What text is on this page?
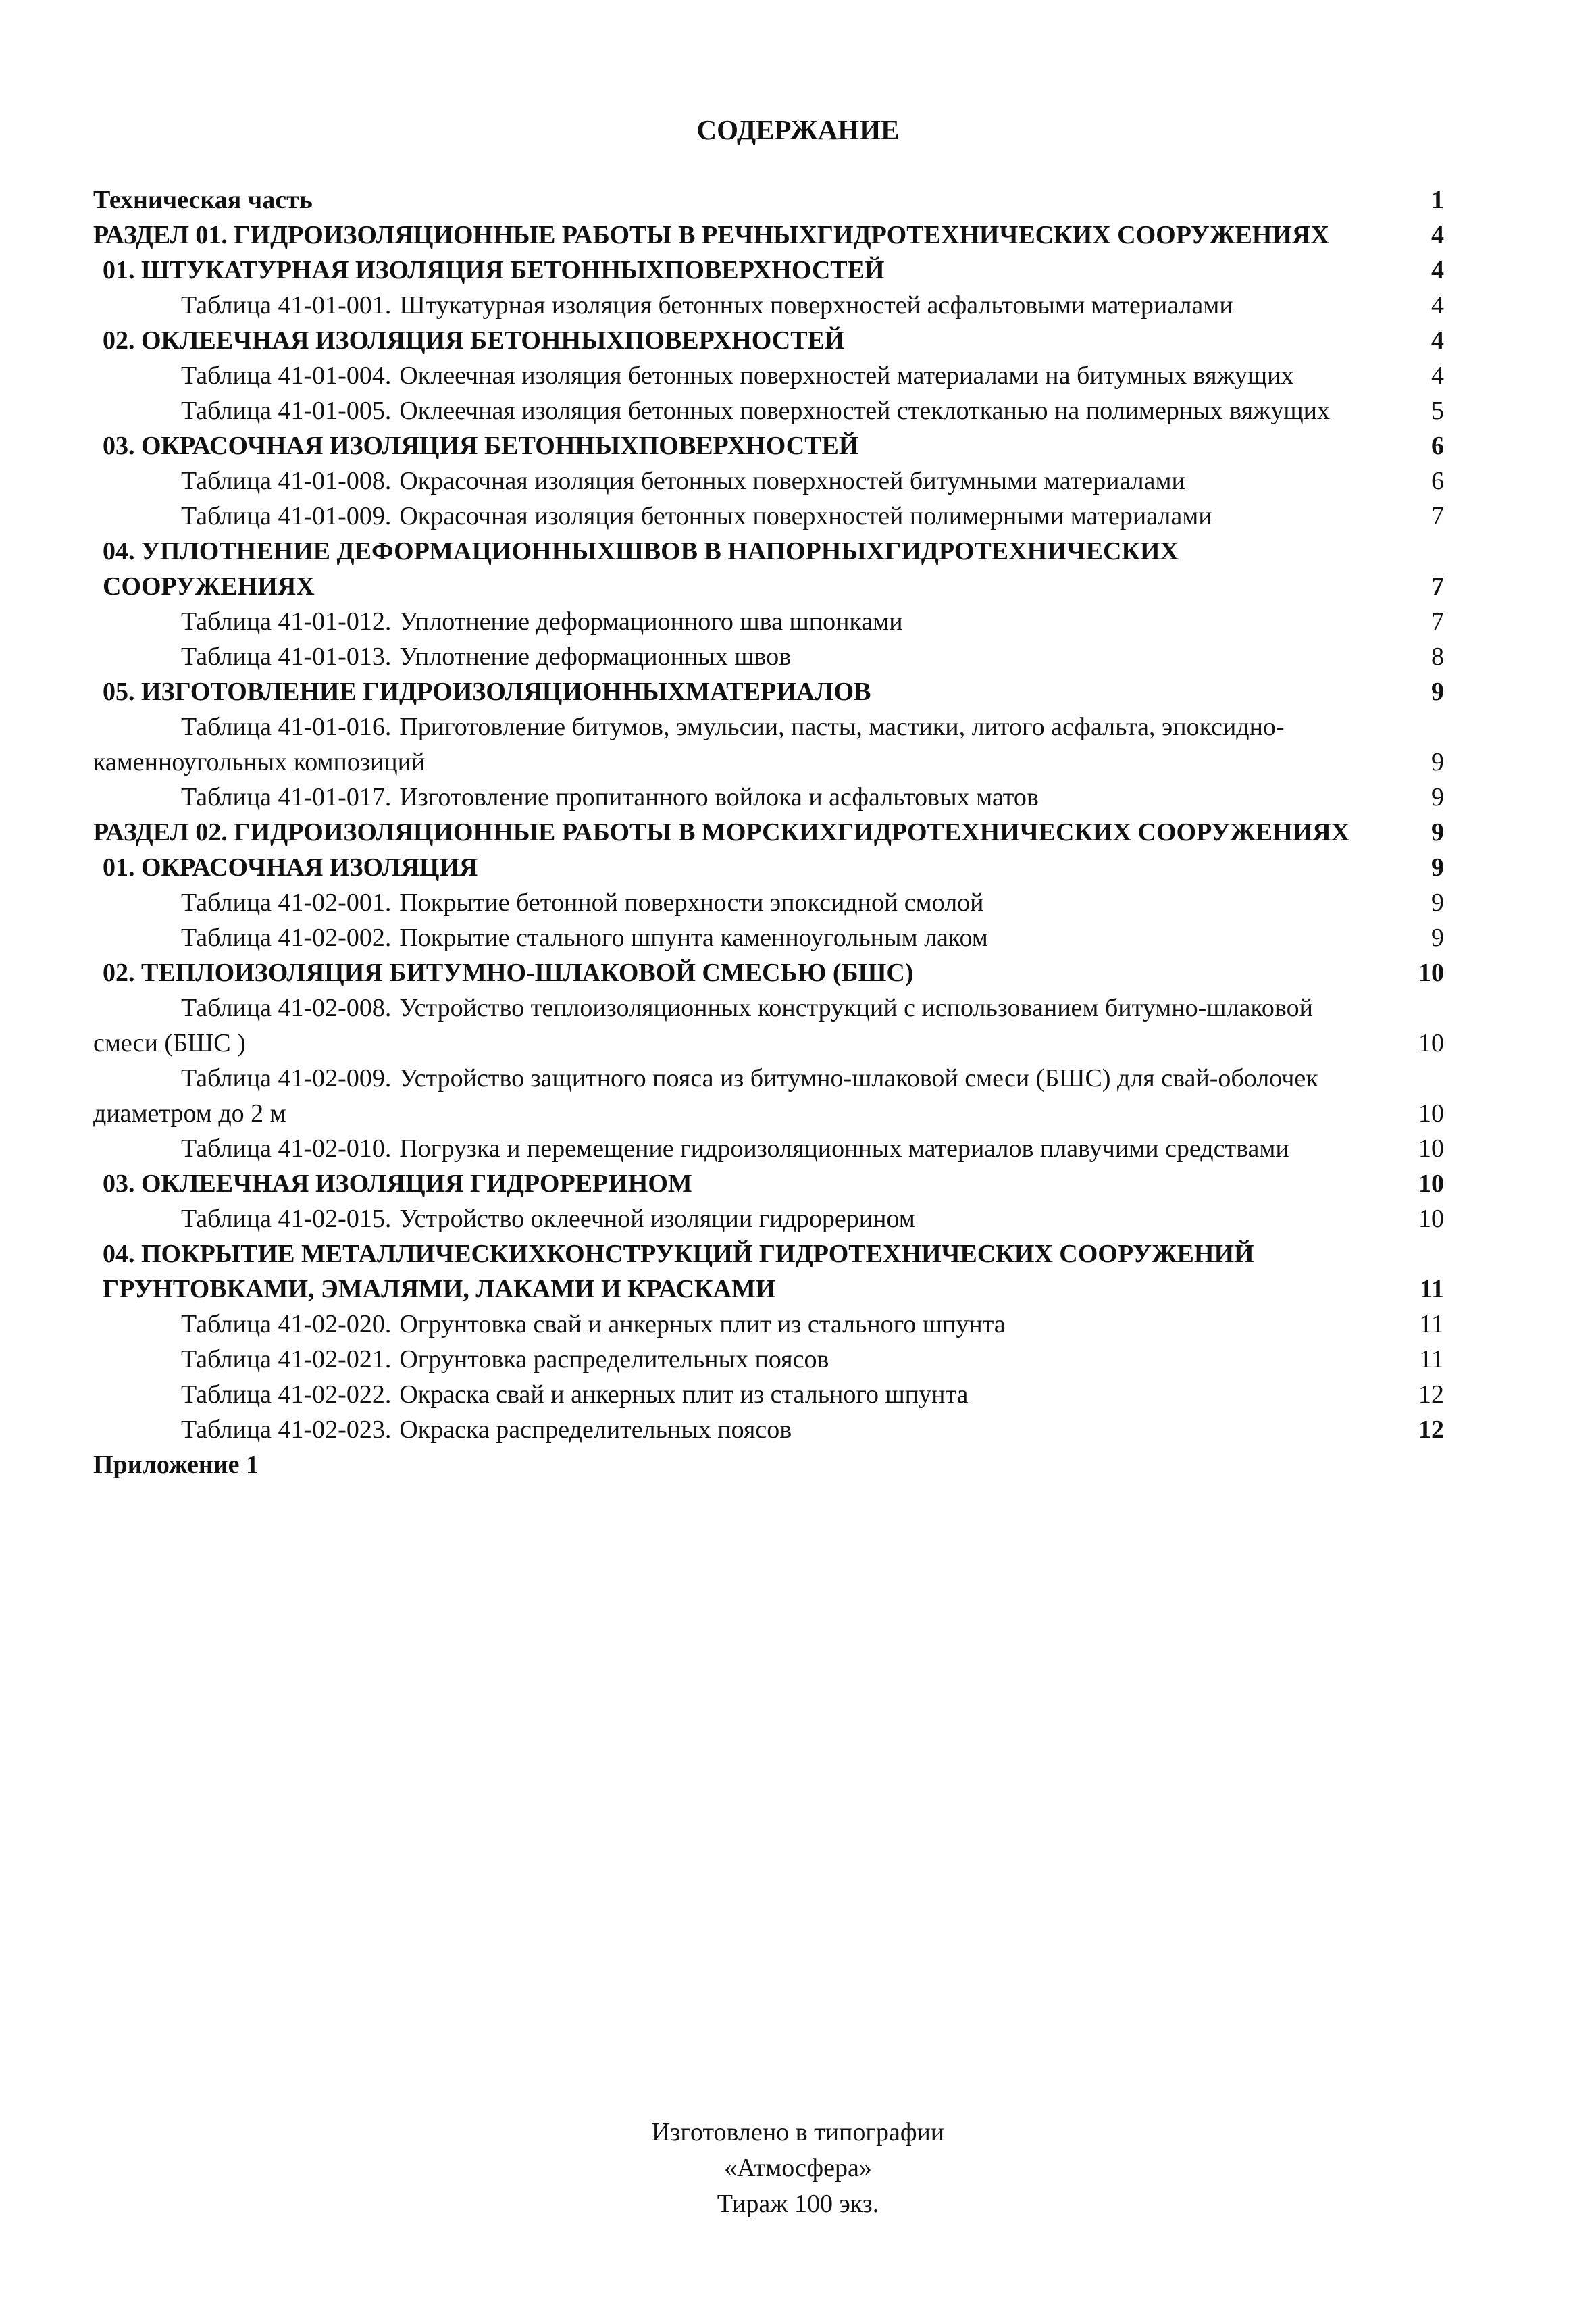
СОДЕРЖАНИЕ
Техническая часть	1
РАЗДЕЛ 01. ГИДРОИЗОЛЯЦИОННЫЕ РАБОТЫ В РЕЧНЫХГИДРОТЕХНИЧЕСКИХ СООРУЖЕНИЯХ	4
01. ШТУКАТУРНАЯ ИЗОЛЯЦИЯ БЕТОННЫХПОВЕРХНОСТЕЙ	4
Таблица 41-01-001. Штукатурная изоляция бетонных поверхностей асфальтовыми материалами	4
02. ОКЛЕЕЧНАЯ ИЗОЛЯЦИЯ БЕТОННЫХПОВЕРХНОСТЕЙ	4
Таблица 41-01-004. Оклеечная изоляция бетонных поверхностей материалами на битумных вяжущих	4
Таблица 41-01-005. Оклеечная изоляция бетонных поверхностей стеклотканью на полимерных вяжущих	5
03. ОКРАСОЧНАЯ ИЗОЛЯЦИЯ БЕТОННЫХПОВЕРХНОСТЕЙ	6
Таблица 41-01-008. Окрасочная изоляция бетонных поверхностей битумными материалами	6
Таблица 41-01-009. Окрасочная изоляция бетонных поверхностей полимерными материалами	7
04. УПЛОТНЕНИЕ ДЕФОРМАЦИОННЫХШВОВ В НАПОРНЫХГИДРОТЕХНИЧЕСКИХ СООРУЖЕНИЯХ	7
Таблица 41-01-012. Уплотнение деформационного шва шпонками	7
Таблица 41-01-013. Уплотнение деформационных швов	8
05. ИЗГОТОВЛЕНИЕ ГИДРОИЗОЛЯЦИОННЫХМАТЕРИАЛОВ	9
Таблица 41-01-016. Приготовление битумов, эмульсии, пасты, мастики, литого асфальта, эпоксидно-каменноугольных композиций	9
Таблица 41-01-017. Изготовление пропитанного войлока и асфальтовых матов	9
РАЗДЕЛ 02. ГИДРОИЗОЛЯЦИОННЫЕ РАБОТЫ В МОРСКИХГИДРОТЕХНИЧЕСКИХ СООРУЖЕНИЯХ	9
01. ОКРАСОЧНАЯ ИЗОЛЯЦИЯ	9
Таблица 41-02-001. Покрытие бетонной поверхности эпоксидной смолой	9
Таблица 41-02-002. Покрытие стального шпунта каменноугольным лаком	9
02. ТЕПЛОИЗОЛЯЦИЯ БИТУМНО-ШЛАКОВОЙ СМЕСЬЮ (БШС)	10
Таблица 41-02-008. Устройство теплоизоляционных конструкций с использованием битумно-шлаковой смеси (БШС )	10
Таблица 41-02-009. Устройство защитного пояса из битумно-шлаковой смеси (БШС) для свай-оболочек диаметром до 2 м	10
Таблица 41-02-010. Погрузка и перемещение гидроизоляционных материалов плавучими средствами	10
03. ОКЛЕЕЧНАЯ ИЗОЛЯЦИЯ ГИДРОРЕРИНОМ	10
Таблица 41-02-015. Устройство оклеечной изоляции гидрорерином	10
04. ПОКРЫТИЕ МЕТАЛЛИЧЕСКИХКОНСТРУКЦИЙ ГИДРОТЕХНИЧЕСКИХ СООРУЖЕНИЙ ГРУНТОВКАМИ, ЭМАЛЯМИ, ЛАКАМИ И КРАСКАМИ	11
Таблица 41-02-020. Огрунтовка свай и анкерных плит из стального шпунта	11
Таблица 41-02-021. Огрунтовка распределительных поясов	11
Таблица 41-02-022. Окраска свай и анкерных плит из стального шпунта	12
Таблица 41-02-023. Окраска распределительных поясов	12
Приложение 1
Изготовлено в типографии
«Атмосфера»
Тираж 100 экз.
